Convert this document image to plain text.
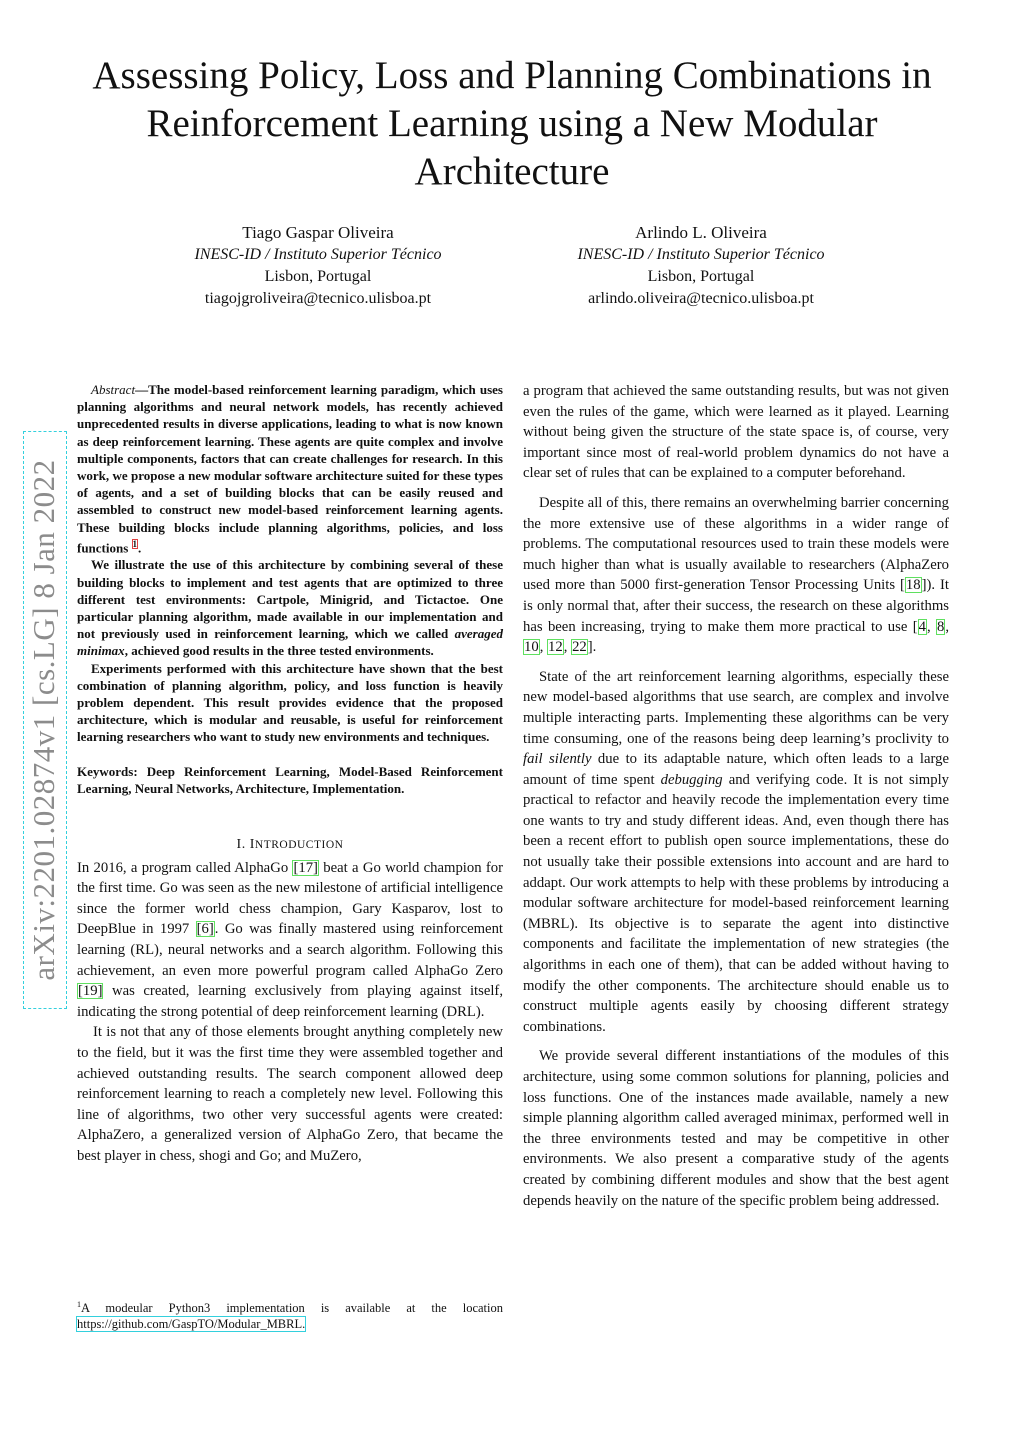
Assessing Policy, Loss and Planning Combinations in Reinforcement Learning using a New Modular Architecture
Tiago Gaspar Oliveira
INESC-ID / Instituto Superior Técnico
Lisbon, Portugal
tiagojgroliveira@tecnico.ulisboa.pt
Arlindo L. Oliveira
INESC-ID / Instituto Superior Técnico
Lisbon, Portugal
arlindo.oliveira@tecnico.ulisboa.pt
arXiv:2201.02874v1 [cs.LG] 8 Jan 2022

Abstract—The model-based reinforcement learning paradigm, which uses planning algorithms and neural network models, has recently achieved unprecedented results in diverse applications, leading to what is now known as deep reinforcement learning. These agents are quite complex and involve multiple components, factors that can create challenges for research. In this work, we propose a new modular software architecture suited for these types of agents, and a set of building blocks that can be easily reused and assembled to construct new model-based reinforcement learning agents. These building blocks include planning algorithms, policies, and loss functions $^1$.

We illustrate the use of this architecture by combining several of these building blocks to implement and test agents that are optimized to three different test environments: Cartpole, Minigrid, and Tictactoe. One particular planning algorithm, made available in our implementation and not previously used in reinforcement learning, which we called averaged minimax, achieved good results in the three tested environments.

Experiments performed with this architecture have shown that the best combination of planning algorithm, policy, and loss function is heavily problem dependent. This result provides evidence that the proposed architecture, which is modular and reusable, is useful for reinforcement learning researchers who want to study new environments and techniques.

Keywords: Deep Reinforcement Learning, Model-Based Reinforcement Learning, Neural Networks, Architecture, Implementation.
I. INTRODUCTION

In 2016, a program called AlphaGo [17] beat a Go world champion for the first time. Go was seen as the new milestone of artificial intelligence since the former world chess champion, Gary Kasparov, lost to DeepBlue in 1997 [6]. Go was finally mastered using reinforcement learning (RL), neural networks and a search algorithm. Following this achievement, an even more powerful program called AlphaGo Zero [19] was created, learning exclusively from playing against itself, indicating the strong potential of deep reinforcement learning (DRL).

It is not that any of those elements brought anything completely new to the field, but it was the first time they were assembled together and achieved outstanding results. The search component allowed deep reinforcement learning to reach a completely new level. Following this line of algorithms, two other very successful agents were created: AlphaZero, a generalized version of AlphaGo Zero, that became the best player in chess, shogi and Go; and MuZero,

$^1$A modeular Python3 implementation is available at the location https://github.com/GaspTO/Modular_MBRL.

a program that achieved the same outstanding results, but was not given even the rules of the game, which were learned as it played. Learning without being given the structure of the state space is, of course, very important since most of real-world problem dynamics do not have a clear set of rules that can be explained to a computer beforehand.

Despite all of this, there remains an overwhelming barrier concerning the more extensive use of these algorithms in a wider range of problems. The computational resources used to train these models were much higher than what is usually available to researchers (AlphaZero used more than 5000 first-generation Tensor Processing Units [18]). It is only normal that, after their success, the research on these algorithms has been increasing, trying to make them more practical to use [4, 8, 10, 12, 22].

State of the art reinforcement learning algorithms, especially these new model-based algorithms that use search, are complex and involve multiple interacting parts. Implementing these algorithms can be very time consuming, one of the reasons being deep learning’s proclivity to fail silently due to its adaptable nature, which often leads to a large amount of time spent debugging and verifying code. It is not simply practical to refactor and heavily recode the implementation every time one wants to try and study different ideas. And, even though there has been a recent effort to publish open source implementations, these do not usually take their possible extensions into account and are hard to addapt. Our work attempts to help with these problems by introducing a modular software architecture for model-based reinforcement learning (MBRL). Its objective is to separate the agent into distinctive components and facilitate the implementation of new strategies (the algorithms in each one of them), that can be added without having to modify the other components. The architecture should enable us to construct multiple agents easily by choosing different strategy combinations.

We provide several different instantiations of the modules of this architecture, using some common solutions for planning, policies and loss functions. One of the instances made available, namely a new simple planning algorithm called averaged minimax, performed well in the three environments tested and may be competitive in other environments. We also present a comparative study of the agents created by combining different modules and show that the best agent depends heavily on the nature of the specific problem being addressed.
